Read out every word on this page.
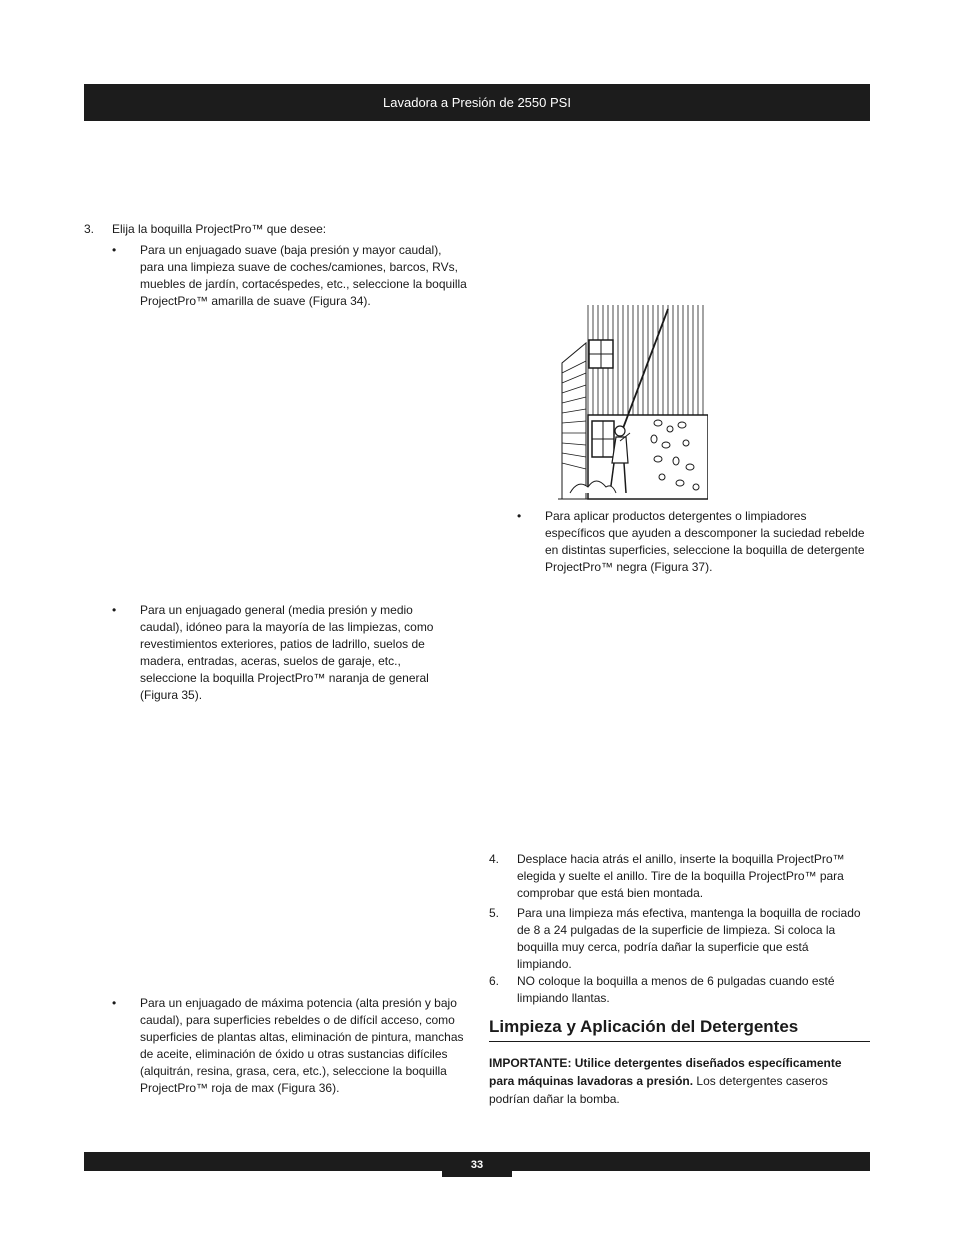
Lavadora a Presión de 2550 PSI
3. Elija la boquilla ProjectPro™ que desee:
• Para un enjuagado suave (baja presión y mayor caudal), para una limpieza suave de coches/camiones, barcos, RVs, muebles de jardín, cortacéspedes, etc., seleccione la boquilla ProjectPro™ amarilla de suave (Figura 34).
• Para un enjuagado general (media presión y medio caudal), idóneo para la mayoría de las limpiezas, como revestimientos exteriores, patios de ladrillo, suelos de madera, entradas, aceras, suelos de garaje, etc., seleccione la boquilla ProjectPro™ naranja de general (Figura 35).
• Para un enjuagado de máxima potencia (alta presión y bajo caudal), para superficies rebeldes o de difícil acceso, como superficies de plantas altas, eliminación de pintura, manchas de aceite, eliminación de óxido u otras sustancias difíciles (alquitrán, resina, grasa, cera, etc.), seleccione la boquilla ProjectPro™ roja de max (Figura 36).
• Para aplicar productos detergentes o limpiadores específicos que ayuden a descomponer la suciedad rebelde en distintas superficies, seleccione la boquilla de detergente ProjectPro™ negra (Figura 37).
4. Desplace hacia atrás el anillo, inserte la boquilla ProjectPro™ elegida y suelte el anillo. Tire de la boquilla ProjectPro™ para comprobar que está bien montada.
5. Para una limpieza más efectiva, mantenga la boquilla de rociado de 8 a 24 pulgadas de la superficie de limpieza. Si coloca la boquilla muy cerca, podría dañar la superficie que está limpiando.
6. NO coloque la boquilla a menos de 6 pulgadas cuando esté limpiando llantas.
Limpieza y Aplicación del Detergentes
IMPORTANTE: Utilice detergentes diseñados específicamente para máquinas lavadoras a presión. Los detergentes caseros podrían dañar la bomba.
33
